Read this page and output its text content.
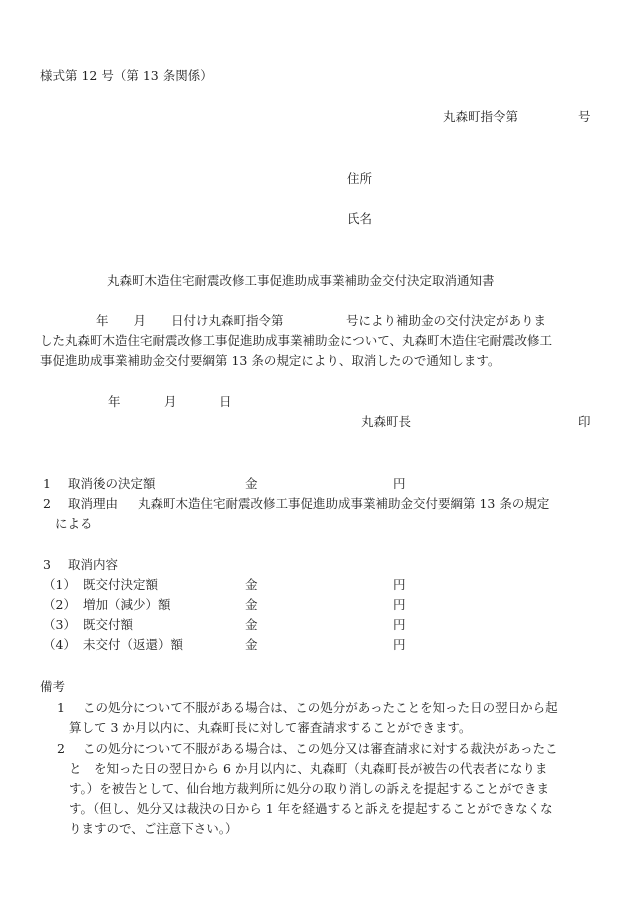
様式第 12 号（第 13 条関係）
丸森町指令第	号
住所
氏名
丸森町木造住宅耐震改修工事促進助成事業補助金交付決定取消通知書
年　　月　　日付け丸森町指令第　　　　　号により補助金の交付決定がありま
した丸森町木造住宅耐震改修工事促進助成事業補助金について、丸森町木造住宅耐震改修工
事促進助成事業補助金交付要綱第 13 条の規定により、取消したので通知します。
年	月	日
丸森町長	印
1 取消後の決定額	金	円
2 取消理由 丸森町木造住宅耐震改修工事促進助成事業補助金交付要綱第 13 条の規定
による
3 取消内容
（1） 既交付決定額	金	円
（2） 増加（減少）額	金	円
（3） 既交付額	金	円
（4） 未交付（返還）額	金	円
備考
1	この処分について不服がある場合は、この処分があったことを知った日の翌日から起
算して 3 か月以内に、丸森町長に対して審査請求することができます。
2	この処分について不服がある場合は、この処分又は審査請求に対する裁決があったこ
と　を知った日の翌日から 6 か月以内に、丸森町（丸森町長が被告の代表者になりま
す。）を被告として、仙台地方裁判所に処分の取り消しの訴えを提起することができま
す。（但し、処分又は裁決の日から 1 年を経過すると訴えを提起することができなくな
りますので、ご注意下さい。）
